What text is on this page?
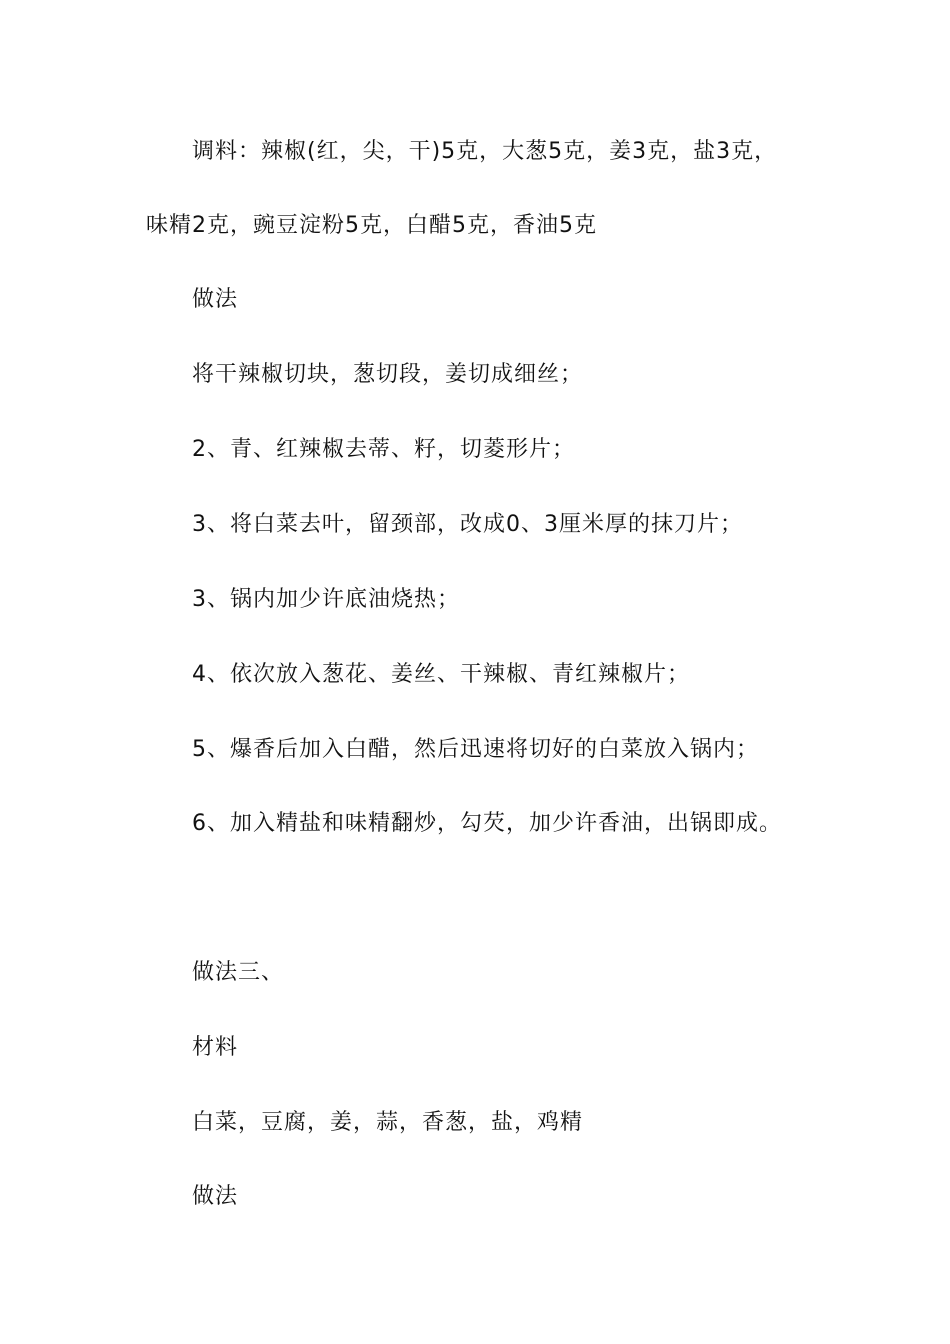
调料：辣椒(红，尖，干)5克，大葱5克，姜3克，盐3克，
味精2克，豌豆淀粉5克，白醋5克，香油5克
做法
将干辣椒切块，葱切段，姜切成细丝；
2、青、红辣椒去蒂、籽，切菱形片；
3、将白菜去叶，留颈部，改成0、3厘米厚的抹刀片；
3、锅内加少许底油烧热；
4、依次放入葱花、姜丝、干辣椒、青红辣椒片；
5、爆香后加入白醋，然后迅速将切好的白菜放入锅内；
6、加入精盐和味精翻炒，勾芡，加少许香油，出锅即成。
做法三、
材料
白菜，豆腐，姜，蒜，香葱，盐，鸡精
做法
